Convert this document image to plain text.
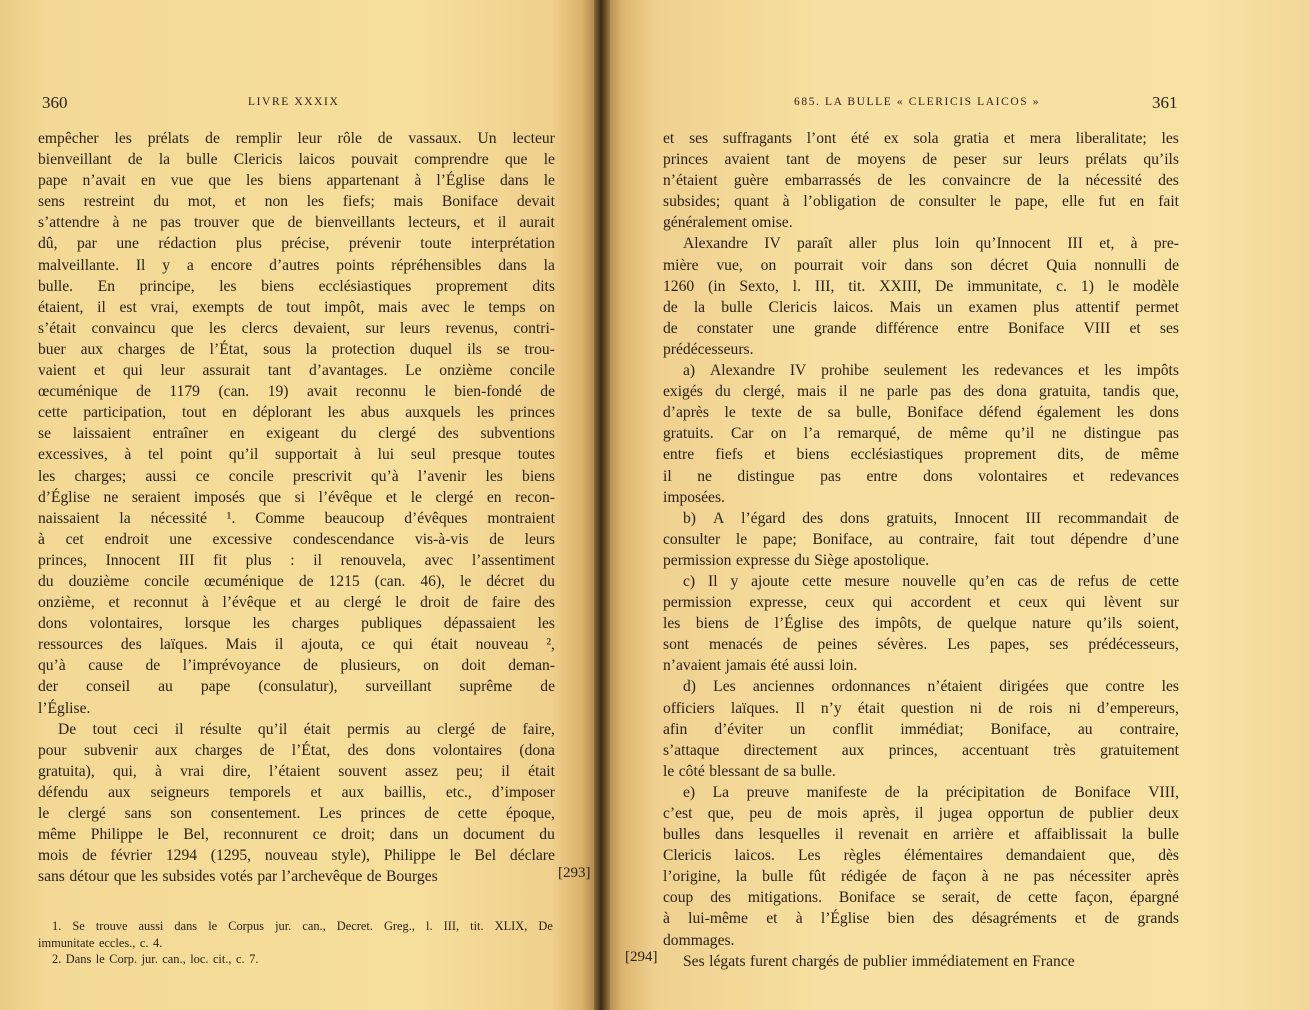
360	LIVRE XXXIX
empêcher les prélats de remplir leur rôle de vassaux. Un lecteur
bienveillant de la bulle Clericis laicos pouvait comprendre que le
pape n’avait en vue que les biens appartenant à l’Église dans le
sens restreint du mot, et non les fiefs; mais Boniface devait
s’attendre à ne pas trouver que de bienveillants lecteurs, et il aurait
dû, par une rédaction plus précise, prévenir toute interprétation
malveillante. Il y a encore d’autres points répréhensibles dans la
bulle. En principe, les biens ecclésiastiques proprement dits
étaient, il est vrai, exempts de tout impôt, mais avec le temps on
s’était convaincu que les clercs devaient, sur leurs revenus, contri-
buer aux charges de l’État, sous la protection duquel ils se trou-
vaient et qui leur assurait tant d’avantages. Le onzième concile
œcuménique de 1179 (can. 19) avait reconnu le bien-fondé de
cette participation, tout en déplorant les abus auxquels les princes
se laissaient entraîner en exigeant du clergé des subventions
excessives, à tel point qu’il supportait à lui seul presque toutes
les charges; aussi ce concile prescrivit qu’à l’avenir les biens
d’Église ne seraient imposés que si l’évêque et le clergé en recon-
naissaient la nécessité ¹. Comme beaucoup d’évêques montraient
à cet endroit une excessive condescendance vis-à-vis de leurs
princes, Innocent III fit plus : il renouvela, avec l’assentiment
du douzième concile œcuménique de 1215 (can. 46), le décret du
onzième, et reconnut à l’évêque et au clergé le droit de faire des
dons volontaires, lorsque les charges publiques dépassaient les
ressources des laïques. Mais il ajouta, ce qui était nouveau ²,
qu’à cause de l’imprévoyance de plusieurs, on doit deman-
der conseil au pape (consulatur), surveillant suprême de
l’Église.
De tout ceci il résulte qu’il était permis au clergé de faire,
pour subvenir aux charges de l’État, des dons volontaires (dona
gratuita), qui, à vrai dire, l’étaient souvent assez peu; il était
défendu aux seigneurs temporels et aux baillis, etc., d’imposer
le clergé sans son consentement. Les princes de cette époque,
même Philippe le Bel, reconnurent ce droit; dans un document du
mois de février 1294 (1295, nouveau style), Philippe le Bel déclare
sans détour que les subsides votés par l’archevêque de Bourges	[293]
1. Se trouve aussi dans le Corpus jur. can., Decret. Greg., l. III, tit. XLIX, De
immunitate eccles., c. 4.
2. Dans le Corp. jur. can., loc. cit., c. 7.
685. LA BULLE « CLERICIS LAICOS »	361
et ses suffragants l’ont été ex sola gratia et mera liberalitate; les
princes avaient tant de moyens de peser sur leurs prélats qu’ils
n’étaient guère embarrassés de les convaincre de la nécessité des
subsides; quant à l’obligation de consulter le pape, elle fut en fait
généralement omise.
Alexandre IV paraît aller plus loin qu’Innocent III et, à pre-
mière vue, on pourrait voir dans son décret Quia nonnulli de
1260 (in Sexto, l. III, tit. XXIII, De immunitate, c. 1) le modèle
de la bulle Clericis laicos. Mais un examen plus attentif permet
de constater une grande différence entre Boniface VIII et ses
prédécesseurs.
a) Alexandre IV prohibe seulement les redevances et les impôts
exigés du clergé, mais il ne parle pas des dona gratuita, tandis que,
d’après le texte de sa bulle, Boniface défend également les dons
gratuits. Car on l’a remarqué, de même qu’il ne distingue pas
entre fiefs et biens ecclésiastiques proprement dits, de même
il ne distingue pas entre dons volontaires et redevances
imposées.
b) A l’égard des dons gratuits, Innocent III recommandait de
consulter le pape; Boniface, au contraire, fait tout dépendre d’une
permission expresse du Siège apostolique.
c) Il y ajoute cette mesure nouvelle qu’en cas de refus de cette
permission expresse, ceux qui accordent et ceux qui lèvent sur
les biens de l’Église des impôts, de quelque nature qu’ils soient,
sont menacés de peines sévères. Les papes, ses prédécesseurs,
n’avaient jamais été aussi loin.
d) Les anciennes ordonnances n’étaient dirigées que contre les
officiers laïques. Il n’y était question ni de rois ni d’empereurs,
afin d’éviter un conflit immédiat; Boniface, au contraire,
s’attaque directement aux princes, accentuant très gratuitement
le côté blessant de sa bulle.
e) La preuve manifeste de la précipitation de Boniface VIII,
c’est que, peu de mois après, il jugea opportun de publier deux
bulles dans lesquelles il revenait en arrière et affaiblissait la bulle
Clericis laicos. Les règles élémentaires demandaient que, dès
l’origine, la bulle fût rédigée de façon à ne pas nécessiter après
coup des mitigations. Boniface se serait, de cette façon, épargné
à lui-même et à l’Église bien des désagréments et de grands
dommages.
Ses légats furent chargés de publier immédiatement en France
[294]
